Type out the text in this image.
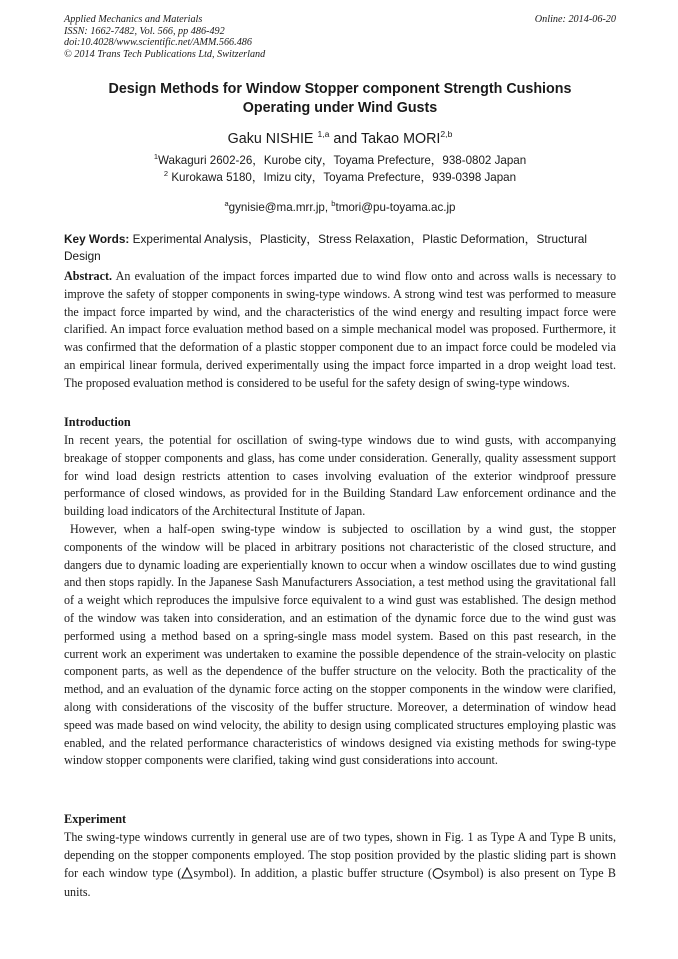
Applied Mechanics and Materials
ISSN: 1662-7482, Vol. 566, pp 486-492
doi:10.4028/www.scientific.net/AMM.566.486
© 2014 Trans Tech Publications Ltd, Switzerland
Online: 2014-06-20
Design Methods for Window Stopper component Strength Cushions
Operating under Wind Gusts
Gaku NISHIE $^{1,a}$ and Takao MORI$^{2,b}$
$^1$Wakaguri 2602-26，Kurobe city，Toyama Prefecture，938-0802 Japan
$^2$ Kurokawa 5180，Imizu city，Toyama Prefecture，939-0398 Japan
$^a$gynisie@ma.mrr.jp, $^b$tmori@pu-toyama.ac.jp
Key Words: Experimental Analysis，Plasticity，Stress Relaxation，Plastic Deformation，Structural Design
Abstract. An evaluation of the impact forces imparted due to wind flow onto and across walls is necessary to improve the safety of stopper components in swing-type windows. A strong wind test was performed to measure the impact force imparted by wind, and the characteristics of the wind energy and resulting impact force were clarified. An impact force evaluation method based on a simple mechanical model was proposed. Furthermore, it was confirmed that the deformation of a plastic stopper component due to an impact force could be modeled via an empirical linear formula, derived experimentally using the impact force imparted in a drop weight load test. The proposed evaluation method is considered to be useful for the safety design of swing-type windows.
Introduction
In recent years, the potential for oscillation of swing-type windows due to wind gusts, with accompanying breakage of stopper components and glass, has come under consideration. Generally, quality assessment support for wind load design restricts attention to cases involving evaluation of the exterior windproof pressure performance of closed windows, as provided for in the Building Standard Law enforcement ordinance and the building load indicators of the Architectural Institute of Japan.
However, when a half-open swing-type window is subjected to oscillation by a wind gust, the stopper components of the window will be placed in arbitrary positions not characteristic of the closed structure, and dangers due to dynamic loading are experientially known to occur when a window oscillates due to wind gusting and then stops rapidly. In the Japanese Sash Manufacturers Association, a test method using the gravitational fall of a weight which reproduces the impulsive force equivalent to a wind gust was established. The design method of the window was taken into consideration, and an estimation of the dynamic force due to the wind gust was performed using a method based on a spring-single mass model system. Based on this past research, in the current work an experiment was undertaken to examine the possible dependence of the strain-velocity on plastic component parts, as well as the dependence of the buffer structure on the velocity. Both the practicality of the method, and an evaluation of the dynamic force acting on the stopper components in the window were clarified, along with considerations of the viscosity of the buffer structure. Moreover, a determination of window head speed was made based on wind velocity, the ability to design using complicated structures employing plastic was enabled, and the related performance characteristics of windows designed via existing methods for swing-type window stopper components were clarified, taking wind gust considerations into account.
Experiment
The swing-type windows currently in general use are of two types, shown in Fig. 1 as Type A and Type B units, depending on the stopper components employed. The stop position provided by the plastic sliding part is shown for each window type ( symbol). In addition, a plastic buffer structure ( symbol) is also present on Type B units.
